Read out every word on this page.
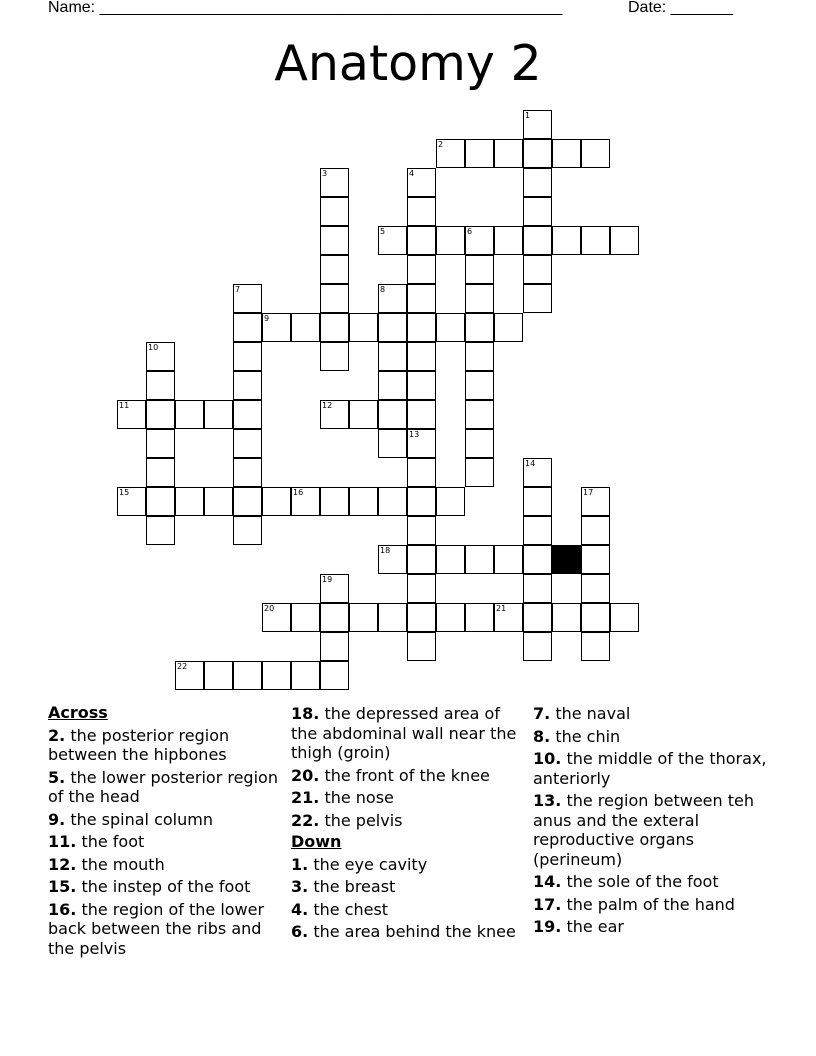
Name: ____________________________________________________	Date: _______
Anatomy 2
1
2
3	4
5	6
7	8
9
10
11	12
13
14
15	16	17
18
19
20	21
22
Across
2. the posterior region between the hipbones
5. the lower posterior region of the head
9. the spinal column
11. the foot
12. the mouth
15. the instep of the foot
16. the region of the lower back between the ribs and the pelvis
18. the depressed area of the abdominal wall near the thigh (groin)
20. the front of the knee
21. the nose
22. the pelvis
Down
1. the eye cavity
3. the breast
4. the chest
6. the area behind the knee
7. the naval
8. the chin
10. the middle of the thorax, anteriorly
13. the region between teh anus and the exteral reproductive organs (perineum)
14. the sole of the foot
17. the palm of the hand
19. the ear
